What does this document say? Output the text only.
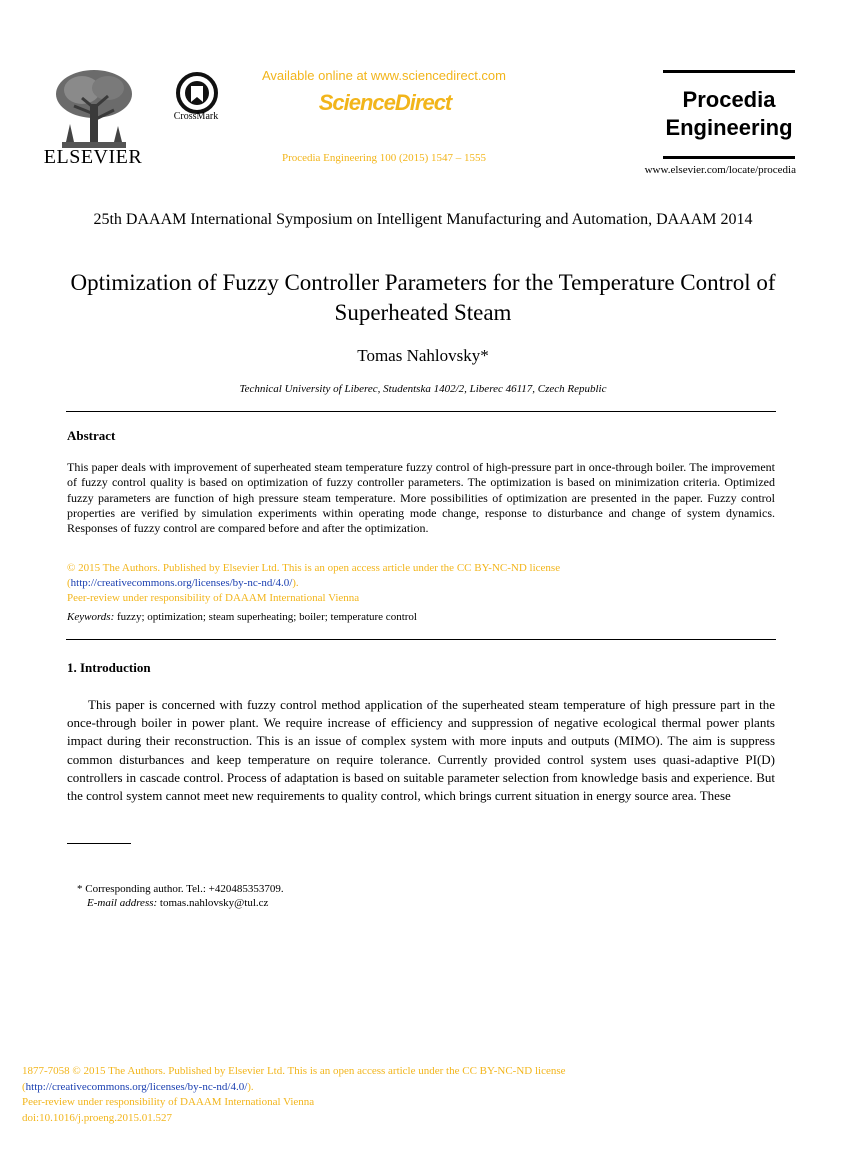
ELSEVIER
CrossMark
Available online at www.sciencedirect.com
ScienceDirect
Procedia Engineering 100 (2015) 1547 – 1555
Procedia
Engineering
www.elsevier.com/locate/procedia
25th DAAAM International Symposium on Intelligent Manufacturing and Automation, DAAAM 2014
Optimization of Fuzzy Controller Parameters for the Temperature Control of Superheated Steam
Tomas Nahlovsky*
Technical University of Liberec, Studentska 1402/2, Liberec 46117, Czech Republic
Abstract
This paper deals with improvement of superheated steam temperature fuzzy control of high-pressure part in once-through boiler. The improvement of fuzzy control quality is based on optimization of fuzzy controller parameters. The optimization is based on minimization criteria. Optimized fuzzy parameters are function of high pressure steam temperature. More possibilities of optimization are presented in the paper. Fuzzy control properties are verified by simulation experiments within operating mode change, response to disturbance and change of system dynamics. Responses of fuzzy control are compared before and after the optimization.
© 2015 The Authors. Published by Elsevier Ltd. This is an open access article under the CC BY-NC-ND license
(http://creativecommons.org/licenses/by-nc-nd/4.0/).
Peer-review under responsibility of DAAAM International Vienna
Keywords: fuzzy; optimization; steam superheating; boiler; temperature control
1. Introduction
This paper is concerned with fuzzy control method application of the superheated steam temperature of high pressure part in the once-through boiler in power plant. We require increase of efficiency and suppression of negative ecological thermal power plants impact during their reconstruction. This is an issue of complex system with more inputs and outputs (MIMO). The aim is suppress common disturbances and keep temperature on require tolerance. Currently provided control system uses quasi-adaptive PI(D) controllers in cascade control. Process of adaptation is based on suitable parameter selection from knowledge basis and experience. But the control system cannot meet new requirements to quality control, which brings current situation in energy source area. These
* Corresponding author. Tel.: +420485353709.
E-mail address: tomas.nahlovsky@tul.cz
1877-7058 © 2015 The Authors. Published by Elsevier Ltd. This is an open access article under the CC BY-NC-ND license
(http://creativecommons.org/licenses/by-nc-nd/4.0/).
Peer-review under responsibility of DAAAM International Vienna
doi:10.1016/j.proeng.2015.01.527
